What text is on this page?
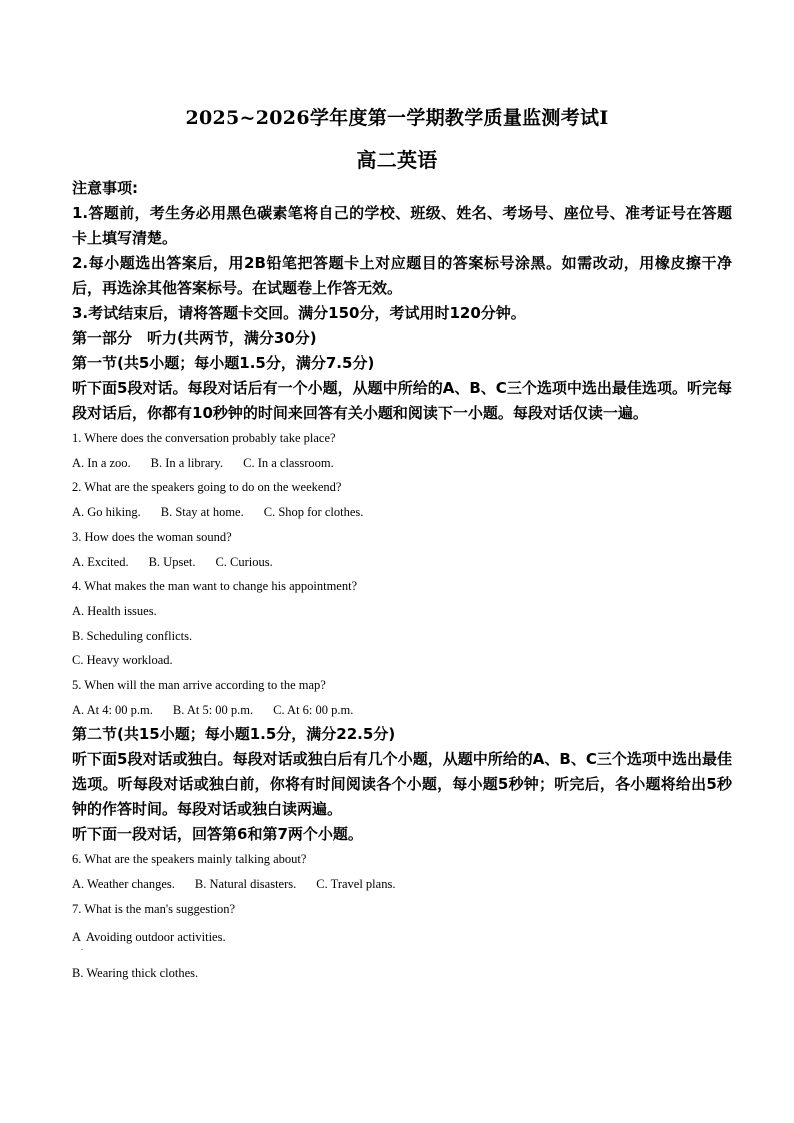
2025~2026学年度第一学期教学质量监测考试Ⅰ
高二英语

注意事项:

1.答题前，考生务必用黑色碳素笔将自己的学校、班级、姓名、考场号、座位号、准考证号在答题卡上填写清楚。

2.每小题选出答案后，用2B铅笔把答题卡上对应题目的答案标号涂黑。如需改动，用橡皮擦干净后，再选涂其他答案标号。在试题卷上作答无效。

3.考试结束后，请将答题卡交回。满分150分，考试用时120分钟。

第一部分　听力(共两节，满分30分)

第一节(共5小题；每小题1.5分，满分7.5分)

听下面5段对话。每段对话后有一个小题，从题中所给的A、B、C三个选项中选出最佳选项。听完每段对话后，你都有10秒钟的时间来回答有关小题和阅读下一小题。每段对话仅读一遍。

1. Where does the conversation probably take place?

A. In a zoo. B. In a library. C. In a classroom.

2. What are the speakers going to do on the weekend?

A. Go hiking. B. Stay at home. C. Shop for clothes.

3. How does the woman sound?

A. Excited. B. Upset. C. Curious.

4. What makes the man want to change his appointment?

A. Health issues.

B. Scheduling conflicts.

C. Heavy workload.

5. When will the man arrive according to the map?

A. At 4: 00 p.m. B. At 5: 00 p.m. C. At 6: 00 p.m.

第二节(共15小题；每小题1.5分，满分22.5分)

听下面5段对话或独白。每段对话或独白后有几个小题，从题中所给的A、B、C三个选项中选出最佳选项。听每段对话或独白前，你将有时间阅读各个小题，每小题5秒钟；听完后，各小题将给出5秒钟的作答时间。每段对话或独白读两遍。

听下面一段对话，回答第6和第7两个小题。

6. What are the speakers mainly talking about?

A. Weather changes. B. Natural disasters. C. Travel plans.

7. What is the man's suggestion?

A  Avoiding outdoor activities.

.

B. Wearing thick clothes.
